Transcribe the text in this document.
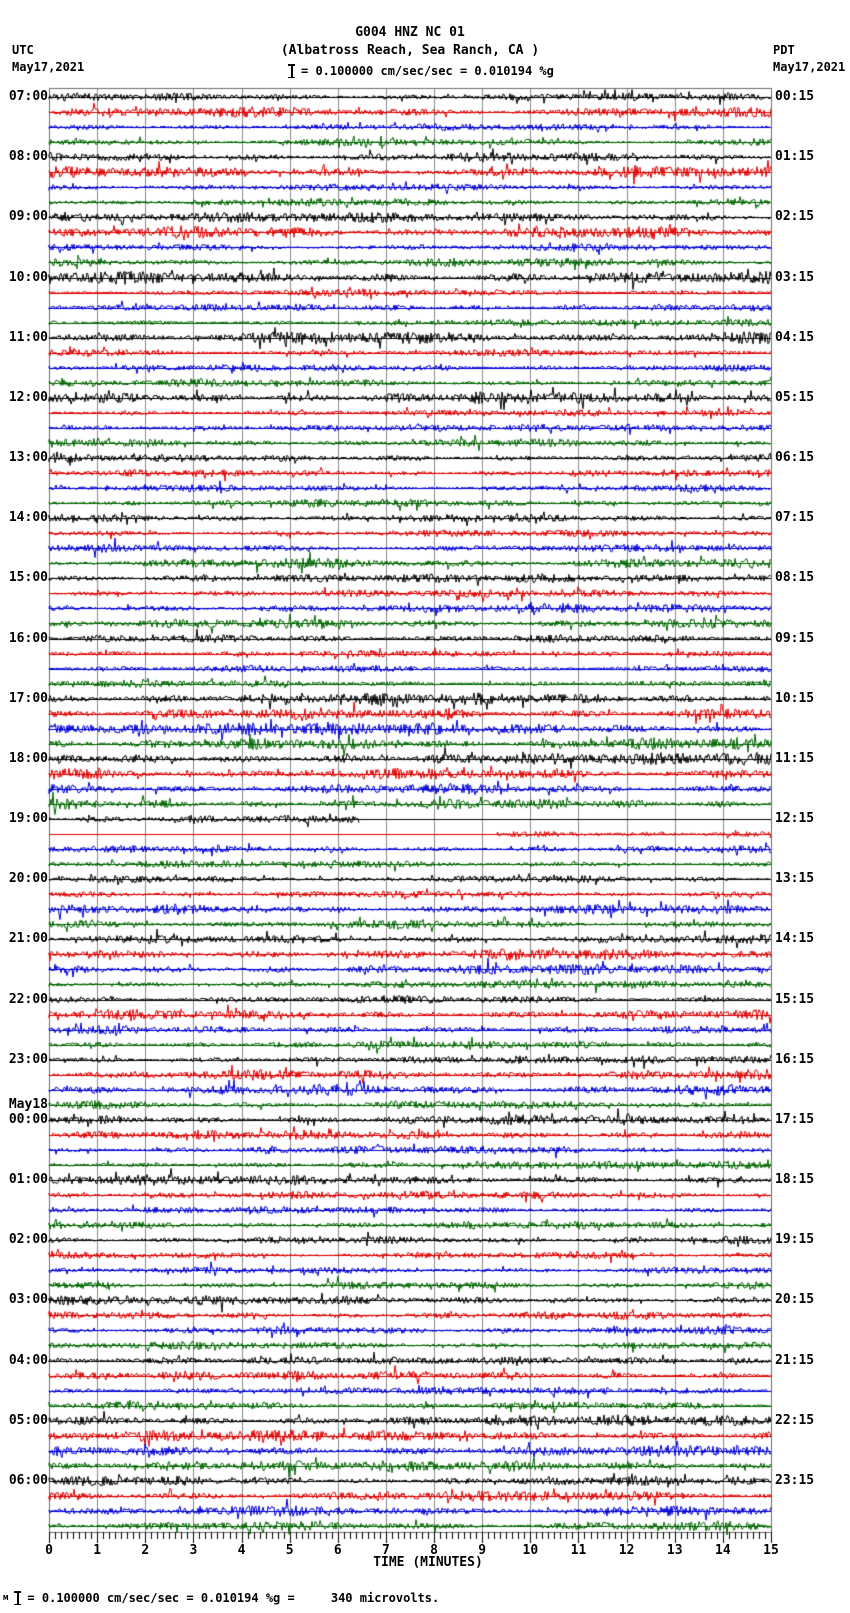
G004 HNZ NC 01
(Albatross Reach, Sea Ranch, CA )
= 0.100000 cm/sec/sec = 0.010194 %g
UTC
May17,2021
PDT
May17,2021
07:00	00:15
08:00	01:15
09:00	02:15
10:00	03:15
11:00	04:15
12:00	05:15
13:00	06:15
14:00	07:15
15:00	08:15
16:00	09:15
17:00	10:15
18:00	11:15
19:00	12:15
20:00	13:15
21:00	14:15
22:00	15:15
23:00	16:15
May18
00:00	17:15
01:00	18:15
02:00	19:15
03:00	20:15
04:00	21:15
05:00	22:15
06:00	23:15
0	1	2	3	4	5	6	7	8	9	10	11	12	13	14	15
TIME (MINUTES)
м = 0.100000 cm/sec/sec = 0.010194 %g =     340 microvolts.
